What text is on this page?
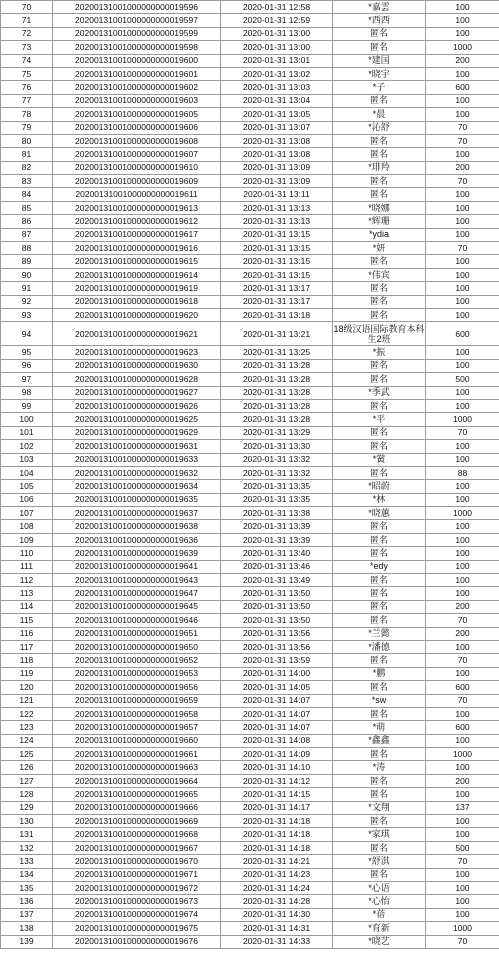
70	20200131001000000000019596	2020-01-31 12:58	*嘉雲	100
71	20200131001000000000019597	2020-01-31 12:59	*西西	100
72	20200131001000000000019599	2020-01-31 13:00	匿名	100
73	20200131001000000000019598	2020-01-31 13:00	匿名	1000
74	20200131001000000000019600	2020-01-31 13:01	*建国	200
75	20200131001000000000019601	2020-01-31 13:02	*晓宇	100
76	20200131001000000000019602	2020-01-31 13:03	*子	600
77	20200131001000000000019603	2020-01-31 13:04	匿名	100
78	20200131001000000000019605	2020-01-31 13:05	*晨	100
79	20200131001000000000019606	2020-01-31 13:07	*沁舒	70
80	20200131001000000000019608	2020-01-31 13:08	匿名	70
81	20200131001000000000019607	2020-01-31 13:08	匿名	100
82	20200131001000000000019610	2020-01-31 13:09	*琲羚	200
83	20200131001000000000019609	2020-01-31 13:09	匿名	70
84	20200131001000000000019611	2020-01-31 13:11	匿名	100
85	20200131001000000000019613	2020-01-31 13:13	*晓娜	100
86	20200131001000000000019612	2020-01-31 13:13	*辉珊	100
87	20200131001000000000019617	2020-01-31 13:15	*ydia	100
88	20200131001000000000019616	2020-01-31 13:15	*妍	70
89	20200131001000000000019615	2020-01-31 13:15	匿名	100
90	20200131001000000000019614	2020-01-31 13:15	*伟宾	100
91	20200131001000000000019619	2020-01-31 13:17	匿名	100
92	20200131001000000000019618	2020-01-31 13:17	匿名	100
93	20200131001000000000019620	2020-01-31 13:18	匿名	100
94	20200131001000000000019621	2020-01-31 13:21	18级汉语国际教育本科生2班	600
95	20200131001000000000019623	2020-01-31 13:25	*振	100
96	20200131001000000000019630	2020-01-31 13:28	匿名	100
97	20200131001000000000019628	2020-01-31 13:28	匿名	500
98	20200131001000000000019627	2020-01-31 13:28	*季武	100
99	20200131001000000000019626	2020-01-31 13:28	匿名	100
100	20200131001000000000019625	2020-01-31 13:28	*平	1000
101	20200131001000000000019629	2020-01-31 13:29	匿名	70
102	20200131001000000000019631	2020-01-31 13:30	匿名	100
103	20200131001000000000019633	2020-01-31 13:32	*黉	100
104	20200131001000000000019632	2020-01-31 13:32	匿名	88
105	20200131001000000000019634	2020-01-31 13:35	*昭蔚	100
106	20200131001000000000019635	2020-01-31 13:35	*林	100
107	20200131001000000000019637	2020-01-31 13:38	*晓蕙	1000
108	20200131001000000000019638	2020-01-31 13:39	匿名	100
109	20200131001000000000019636	2020-01-31 13:39	匿名	100
110	20200131001000000000019639	2020-01-31 13:40	匿名	100
111	20200131001000000000019641	2020-01-31 13:46	*edy	100
112	20200131001000000000019643	2020-01-31 13:49	匿名	100
113	20200131001000000000019647	2020-01-31 13:50	匿名	100
114	20200131001000000000019645	2020-01-31 13:50	匿名	200
115	20200131001000000000019646	2020-01-31 13:50	匿名	70
116	20200131001000000000019651	2020-01-31 13:56	*兰懿	200
117	20200131001000000000019650	2020-01-31 13:56	*潘德	100
118	20200131001000000000019652	2020-01-31 13:59	匿名	70
119	20200131001000000000019653	2020-01-31 14:00	*鹏	100
120	20200131001000000000019656	2020-01-31 14:05	匿名	600
121	20200131001000000000019659	2020-01-31 14:07	*sw	70
122	20200131001000000000019658	2020-01-31 14:07	匿名	100
123	20200131001000000000019657	2020-01-31 14:07	*萌	600
124	20200131001000000000019660	2020-01-31 14:08	*鑫鑫	100
125	20200131001000000000019661	2020-01-31 14:09	匿名	1000
126	20200131001000000000019663	2020-01-31 14:10	*涛	100
127	20200131001000000000019664	2020-01-31 14:12	匿名	200
128	20200131001000000000019665	2020-01-31 14:15	匿名	100
129	20200131001000000000019666	2020-01-31 14:17	*文翔	137
130	20200131001000000000019669	2020-01-31 14:18	匿名	100
131	20200131001000000000019668	2020-01-31 14:18	*家琪	100
132	20200131001000000000019667	2020-01-31 14:18	匿名	500
133	20200131001000000000019670	2020-01-31 14:21	*舒淇	70
134	20200131001000000000019671	2020-01-31 14:23	匿名	100
135	20200131001000000000019672	2020-01-31 14:24	*心语	100
136	20200131001000000000019673	2020-01-31 14:28	*心怡	100
137	20200131001000000000019674	2020-01-31 14:30	*蓓	100
138	20200131001000000000019675	2020-01-31 14:31	*育新	1000
139	20200131001000000000019676	2020-01-31 14:33	*晓艺	70
